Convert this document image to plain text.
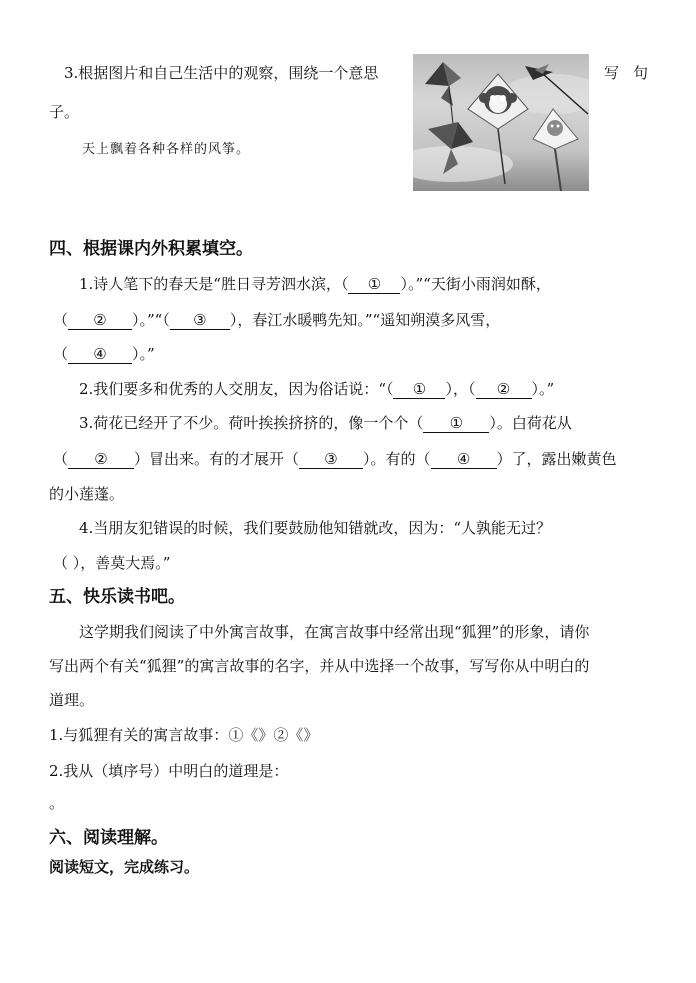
3.根据图片和自己生活中的观察，围绕一个意思	写 句
子。
天上飘着各种各样的风筝。
四、根据课内外积累填空。
1.诗人笔下的春天是“胜日寻芳泗水滨，（ ① ）。”“天街小雨润如酥，
（ ② ）。”“（ ③ ），春江水暖鸭先知。”“遥知朔漠多风雪，
（ ④ ）。”
2.我们要多和优秀的人交朋友，因为俗话说：“（ ① ），（ ② ）。”
3.荷花已经开了不少。荷叶挨挨挤挤的，像一个个（ ① ）。白荷花从
（ ② ）冒出来。有的才展开（ ③ ）。有的（ ④ ）了，露出嫩黄色
的小莲蓬。
4.当朋友犯错误的时候，我们要鼓励他知错就改，因为：“人孰能无过？
（ ），善莫大焉。”
五、快乐读书吧。
这学期我们阅读了中外寓言故事，在寓言故事中经常出现“狐狸”的形象，请你
写出两个有关“狐狸”的寓言故事的名字，并从中选择一个故事，写写你从中明白的
道理。
1.与狐狸有关的寓言故事：①《》②《》
2.我从（填序号）中明白的道理是：
。
六、阅读理解。
阅读短文，完成练习。
